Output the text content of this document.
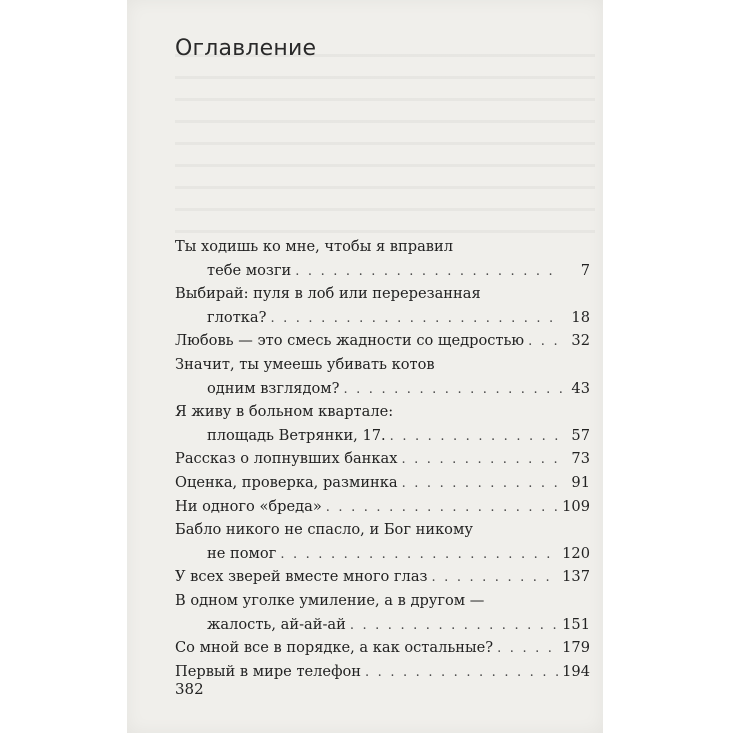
Оглавление
Ты ходишь ко мне, чтобы я вправил
тебе мозги . . .	7
Выбирай: пуля в лоб или перерезанная
глотка? . . .	18
Любовь — это смесь жадности со щедростью . . .	32
Значит, ты умеешь убивать котов
одним взглядом? . . .	43
Я живу в больном квартале:
площадь Ветрянки, 17. . . .	57
Рассказ о лопнувших банках . . .	73
Оценка, проверка, разминка . . .	91
Ни одного «бреда» . . .	109
Бабло никого не спасло, и Бог никому
не помог . . .	120
У всех зверей вместе много глаз . . .	137
В одном уголке умиление, а в другом —
жалость, ай-ай-ай . . .	151
Со мной все в порядке, а как остальные? . . .	179
Первый в мире телефон . . .	194
382
